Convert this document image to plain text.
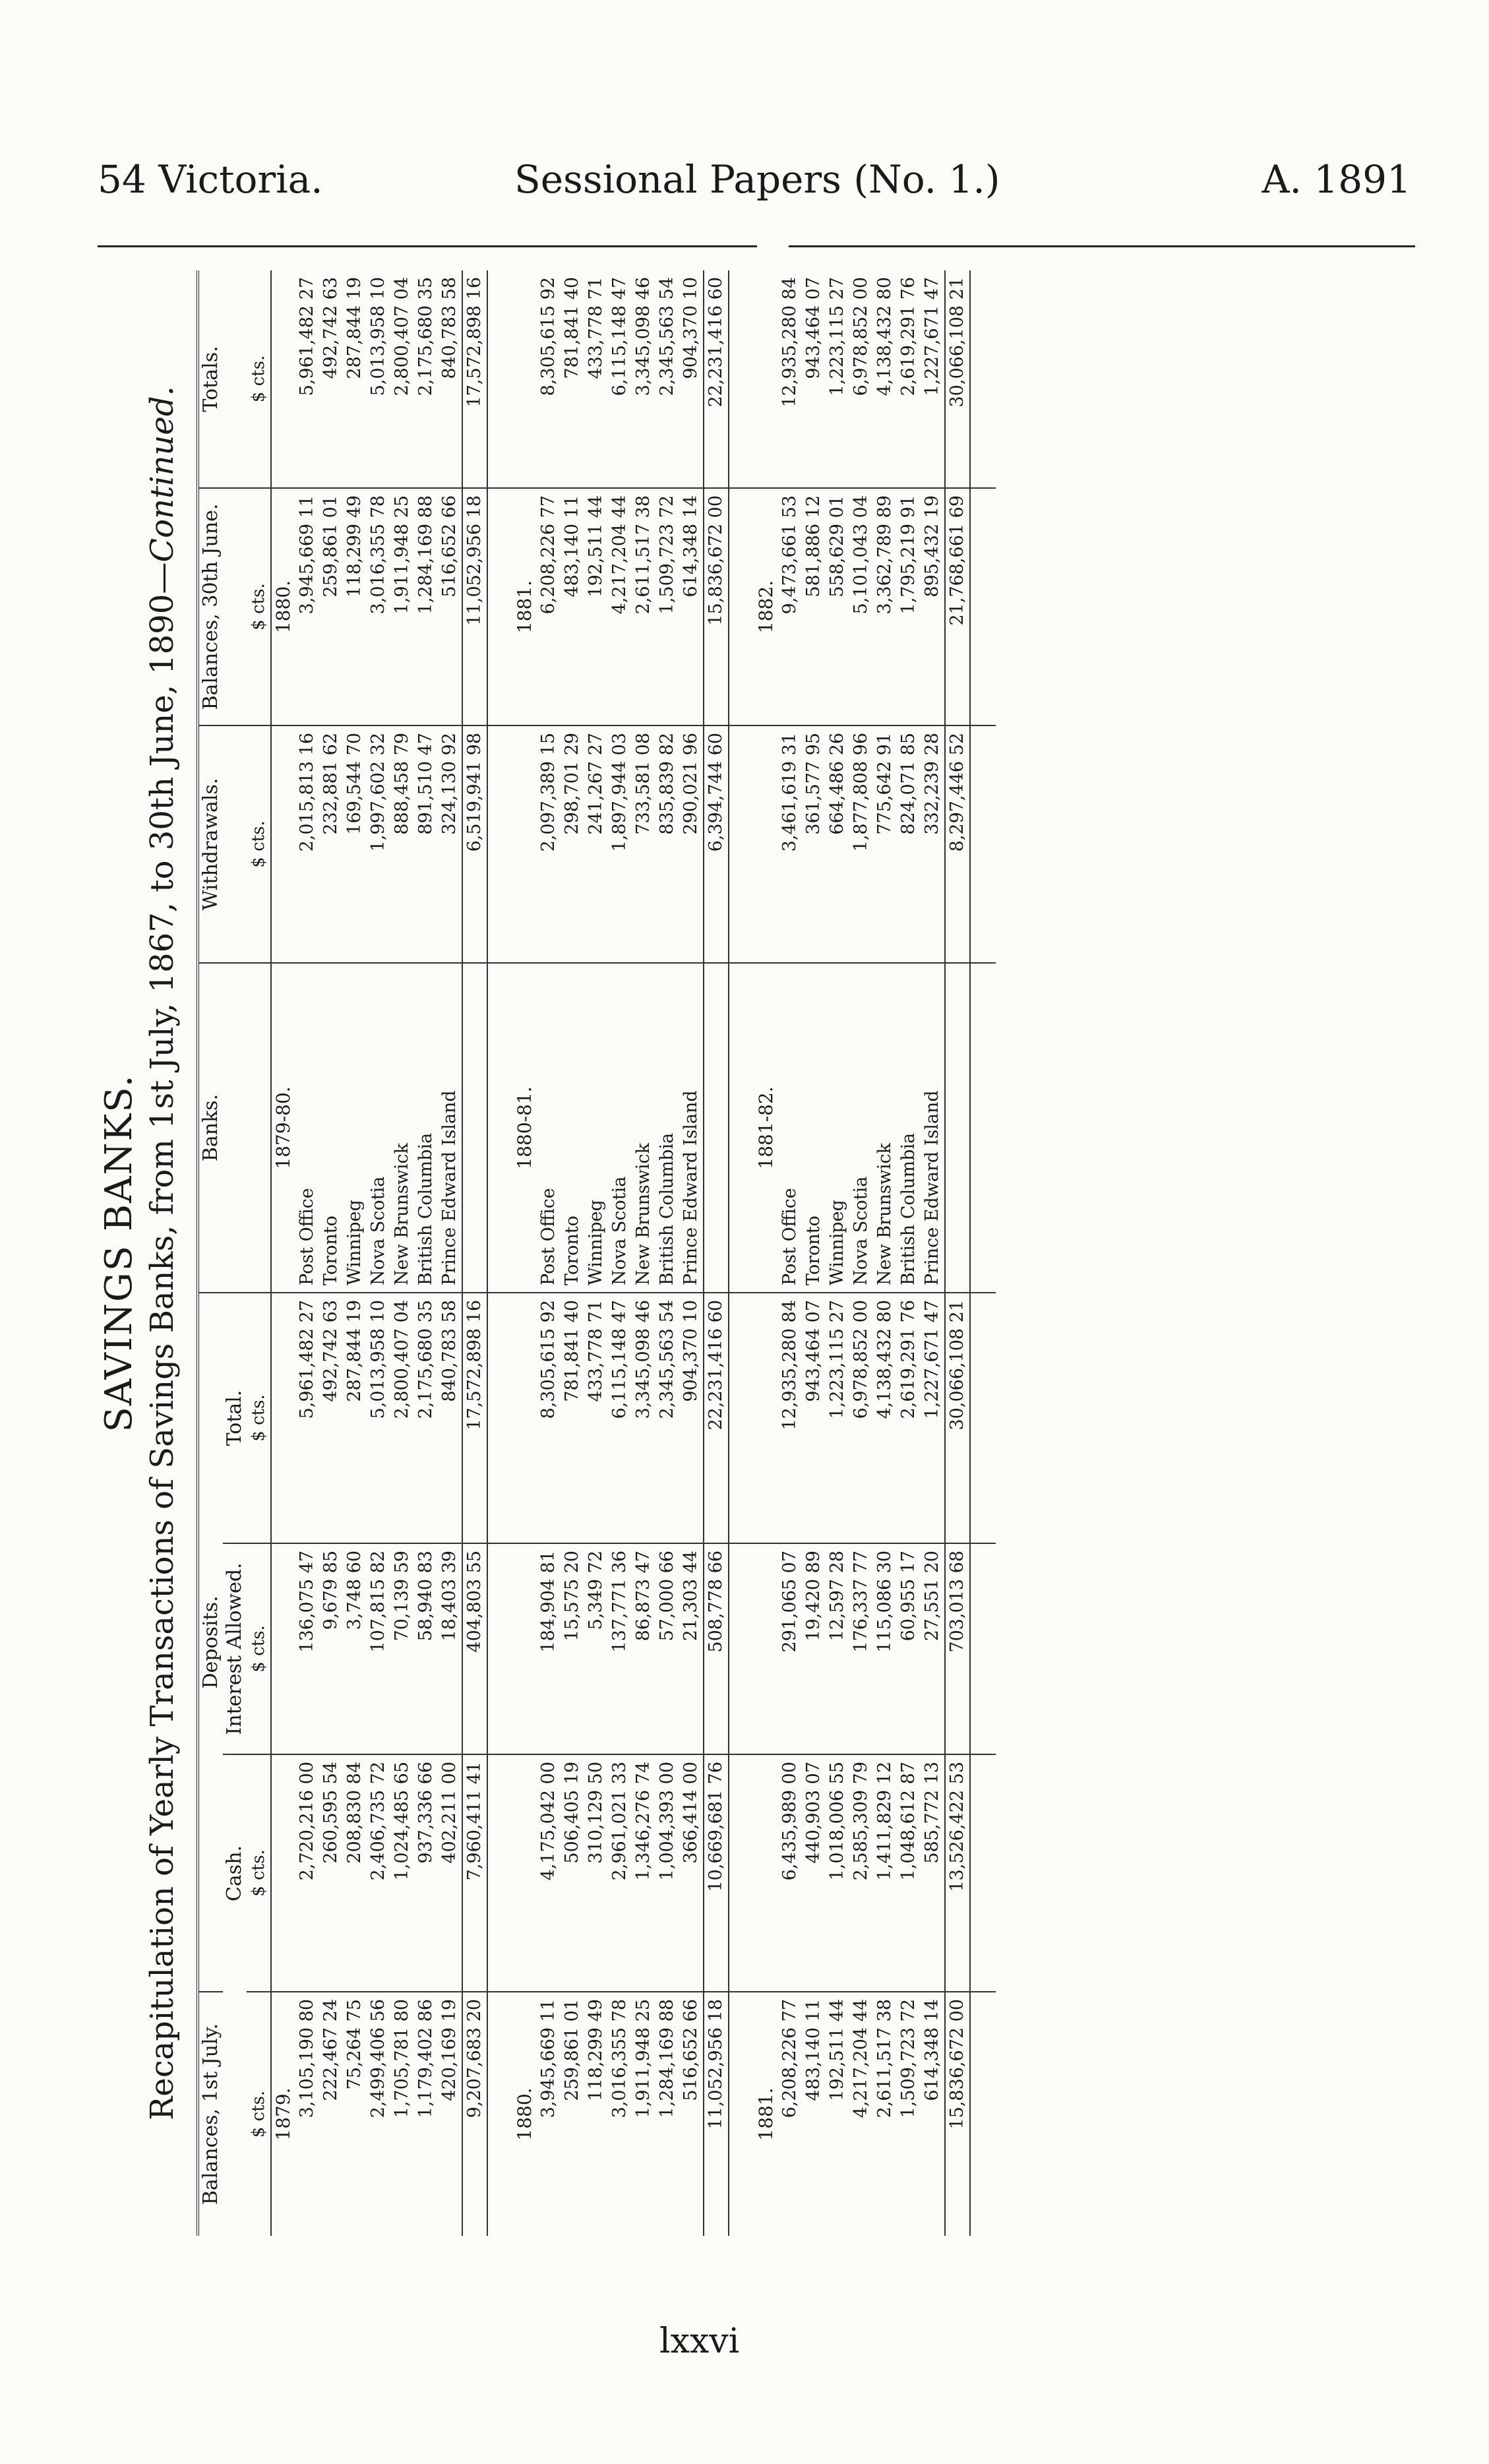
54 Victoria.	Sessional Papers (No. 1.)	A. 1891
SAVINGS BANKS. Recapitulation of Yearly Transactions of Savings Banks, from 1st July, 1867, to 30th June, 1890—Continued.
Balances, 1st July.	Deposits.			Banks.	Withdrawals.	Balances, 30th June.	Totals.
	Cash.	Interest Allowed.	Total.				
$ cts.	$ cts.	$ cts.	$ cts.		$ cts.	$ cts.	$ cts.
1879.				1879-80.		1880.	
3,105,190 80	2,720,216 00	136,075 47	5,961,482 27	Post Office	2,015,813 16	3,945,669 11	5,961,482 27
222,467 24	260,595 54	9,679 85	492,742 63	Toronto	232,881 62	259,861 01	492,742 63
75,264 75	208,830 84	3,748 60	287,844 19	Winnipeg	169,544 70	118,299 49	287,844 19
2,499,406 56	2,406,735 72	107,815 82	5,013,958 10	Nova Scotia	1,997,602 32	3,016,355 78	5,013,958 10
1,705,781 80	1,024,485 65	70,139 59	2,800,407 04	New Brunswick	888,458 79	1,911,948 25	2,800,407 04
1,179,402 86	937,336 66	58,940 83	2,175,680 35	British Columbia	891,510 47	1,284,169 88	2,175,680 35
420,169 19	402,211 00	18,403 39	840,783 58	Prince Edward Island	324,130 92	516,652 66	840,783 58
9,207,683 20	7,960,411 41	404,803 55	17,572,898 16		6,519,941 98	11,052,956 18	17,572,898 16

1880.				1880-81.		1881.	
3,945,669 11	4,175,042 00	184,904 81	8,305,615 92	Post Office	2,097,389 15	6,208,226 77	8,305,615 92
259,861 01	506,405 19	15,575 20	781,841 40	Toronto	298,701 29	483,140 11	781,841 40
118,299 49	310,129 50	5,349 72	433,778 71	Winnipeg	241,267 27	192,511 44	433,778 71
3,016,355 78	2,961,021 33	137,771 36	6,115,148 47	Nova Scotia	1,897,944 03	4,217,204 44	6,115,148 47
1,911,948 25	1,346,276 74	86,873 47	3,345,098 46	New Brunswick	733,581 08	2,611,517 38	3,345,098 46
1,284,169 88	1,004,393 00	57,000 66	2,345,563 54	British Columbia	835,839 82	1,509,723 72	2,345,563 54
516,652 66	366,414 00	21,303 44	904,370 10	Prince Edward Island	290,021 96	614,348 14	904,370 10
11,052,956 18	10,669,681 76	508,778 66	22,231,416 60		6,394,744 60	15,836,672 00	22,231,416 60

1881.				1881-82.		1882.	
6,208,226 77	6,435,989 00	291,065 07	12,935,280 84	Post Office	3,461,619 31	9,473,661 53	12,935,280 84
483,140 11	440,903 07	19,420 89	943,464 07	Toronto	361,577 95	581,886 12	943,464 07
192,511 44	1,018,006 55	12,597 28	1,223,115 27	Winnipeg	664,486 26	558,629 01	1,223,115 27
4,217,204 44	2,585,309 79	176,337 77	6,978,852 00	Nova Scotia	1,877,808 96	5,101,043 04	6,978,852 00
2,611,517 38	1,411,829 12	115,086 30	4,138,432 80	New Brunswick	775,642 91	3,362,789 89	4,138,432 80
1,509,723 72	1,048,612 87	60,955 17	2,619,291 76	British Columbia	824,071 85	1,795,219 91	2,619,291 76
614,348 14	585,772 13	27,551 20	1,227,671 47	Prince Edward Island	332,239 28	895,432 19	1,227,671 47
15,836,672 00	13,526,422 53	703,013 68	30,066,108 21		8,297,446 52	21,768,661 69	30,066,108 21

lxxvi
